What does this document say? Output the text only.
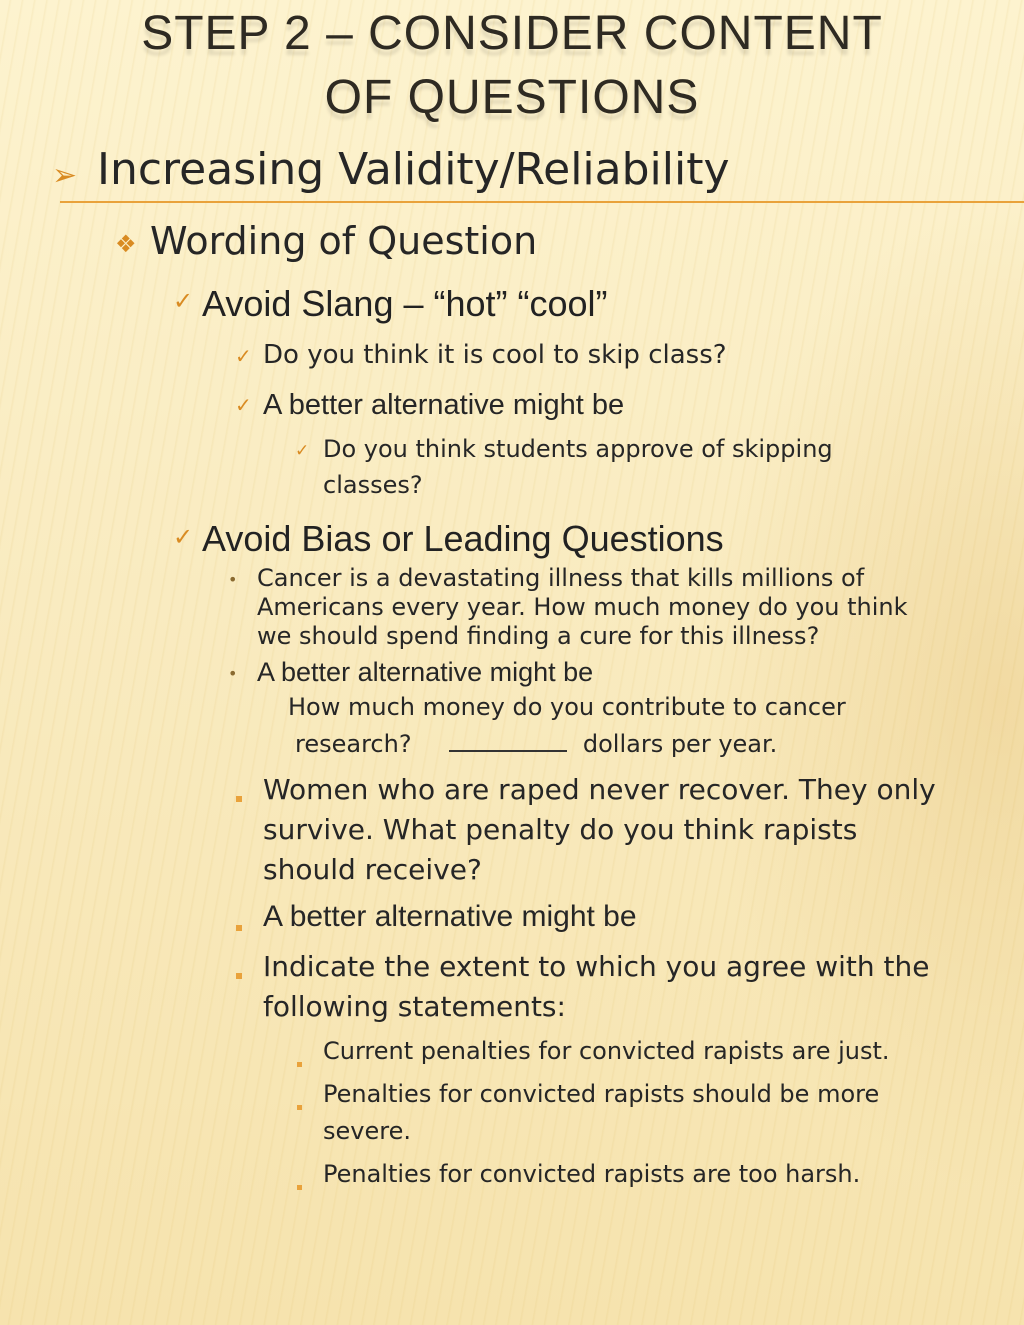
STEP 2 – CONSIDER CONTENT
OF QUESTIONS
➢ Increasing Validity/Reliability
❖ Wording of Question
✓ Avoid Slang – “hot” “cool”
✓ Do you think it is cool to skip class?
✓ A better alternative might be
✓ Do you think students approve of skipping
classes?
✓ Avoid Bias or Leading Questions
• Cancer is a devastating illness that kills millions of
Americans every year. How much money do you think
we should spend finding a cure for this illness?
• A better alternative might be
How much money do you contribute to cancer
research?	dollars per year.
Women who are raped never recover. They only
survive. What penalty do you think rapists
should receive?
A better alternative might be
Indicate the extent to which you agree with the
following statements:
Current penalties for convicted rapists are just.
Penalties for convicted rapists should be more
severe.
Penalties for convicted rapists are too harsh.
